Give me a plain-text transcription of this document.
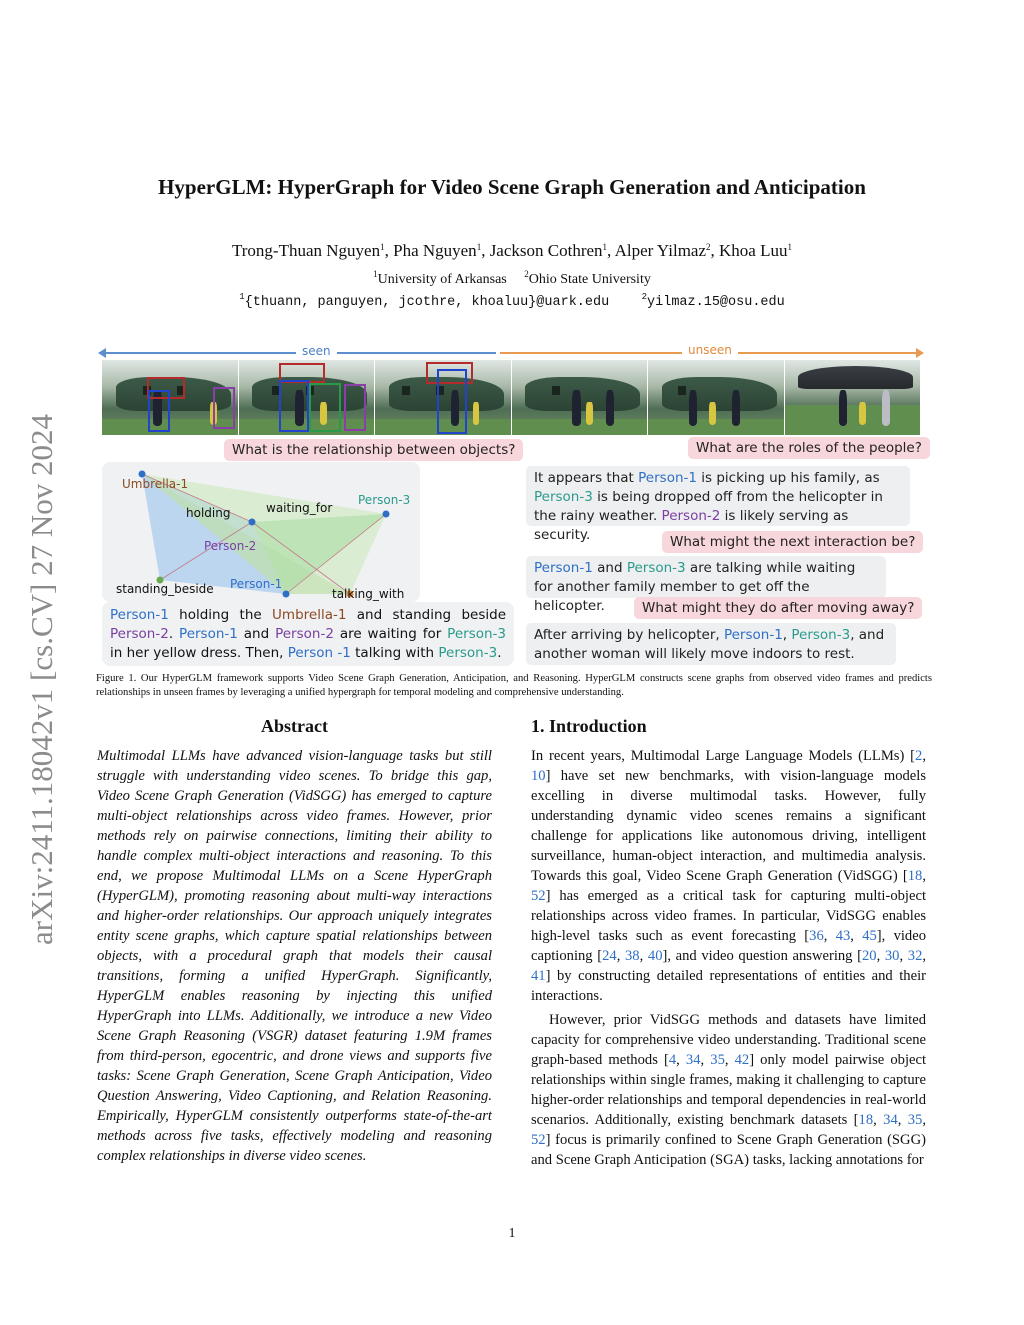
arXiv:2411.18042v1 [cs.CV] 27 Nov 2024
HyperGLM: HyperGraph for Video Scene Graph Generation and Anticipation
Trong-Thuan Nguyen$^1$, Pha Nguyen$^1$, Jackson Cothren$^1$, Alper Yilmaz$^2$, Khoa Luu$^1$
$^1$University of Arkansas $^2$Ohio State University
$^1${thuann, panguyen, jcothre, khoaluu}@uark.edu	$^2$yilmaz.15@osu.edu
seen	unseen
What is the relationship between objects?	What are the roles of the people?
Umbrella-1
holding	waiting_for
Person-3
Person-2
standing_beside Person-1
talking_with
Person-1 holding the Umbrella-1 and standing beside Person-2. Person-1 and Person-2 are waiting for Person-3 in her yellow dress. Then, Person -1 talking with Person-3.
It appears that Person-1 is picking up his family, as Person-3 is being dropped off from the helicopter in the rainy weather. Person-2 is likely serving as security.	What might the next interaction be?
Person-1 and Person-3 are talking while waiting for another family member to get off the helicopter.	What might they do after moving away?
After arriving by helicopter, Person-1, Person-3, and another woman will likely move indoors to rest.
Figure 1. Our HyperGLM framework supports Video Scene Graph Generation, Anticipation, and Reasoning. HyperGLM constructs scene graphs from observed video frames and predicts relationships in unseen frames by leveraging a unified hypergraph for temporal modeling and comprehensive understanding.
Abstract
Multimodal LLMs have advanced vision-language tasks but still struggle with understanding video scenes. To bridge this gap, Video Scene Graph Generation (VidSGG) has emerged to capture multi-object relationships across video frames. However, prior methods rely on pairwise connections, limiting their ability to handle complex multi-object interactions and reasoning. To this end, we propose Multimodal LLMs on a Scene HyperGraph (HyperGLM), promoting reasoning about multi-way interactions and higher-order relationships. Our approach uniquely integrates entity scene graphs, which capture spatial relationships between objects, with a procedural graph that models their causal transitions, forming a unified HyperGraph. Significantly, HyperGLM enables reasoning by injecting this unified HyperGraph into LLMs. Additionally, we introduce a new Video Scene Graph Reasoning (VSGR) dataset featuring 1.9M frames from third-person, egocentric, and drone views and supports five tasks: Scene Graph Generation, Scene Graph Anticipation, Video Question Answering, Video Captioning, and Relation Reasoning. Empirically, HyperGLM consistently outperforms state-of-the-art methods across five tasks, effectively modeling and reasoning complex relationships in diverse video scenes.
1. Introduction
In recent years, Multimodal Large Language Models (LLMs) [2, 10] have set new benchmarks, with vision-language models excelling in diverse multimodal tasks. However, fully understanding dynamic video scenes remains a significant challenge for applications like autonomous driving, intelligent surveillance, human-object interaction, and multimedia analysis. Towards this goal, Video Scene Graph Generation (VidSGG) [18, 52] has emerged as a critical task for capturing multi-object relationships across video frames. In particular, VidSGG enables high-level tasks such as event forecasting [36, 43, 45], video captioning [24, 38, 40], and video question answering [20, 30, 32, 41] by constructing detailed representations of entities and their interactions.
However, prior VidSGG methods and datasets have limited capacity for comprehensive video understanding. Traditional scene graph-based methods [4, 34, 35, 42] only model pairwise object relationships within single frames, making it challenging to capture higher-order relationships and temporal dependencies in real-world scenarios. Additionally, existing benchmark datasets [18, 34, 35, 52] focus is primarily confined to Scene Graph Generation (SGG) and Scene Graph Anticipation (SGA) tasks, lacking annotations for
1
